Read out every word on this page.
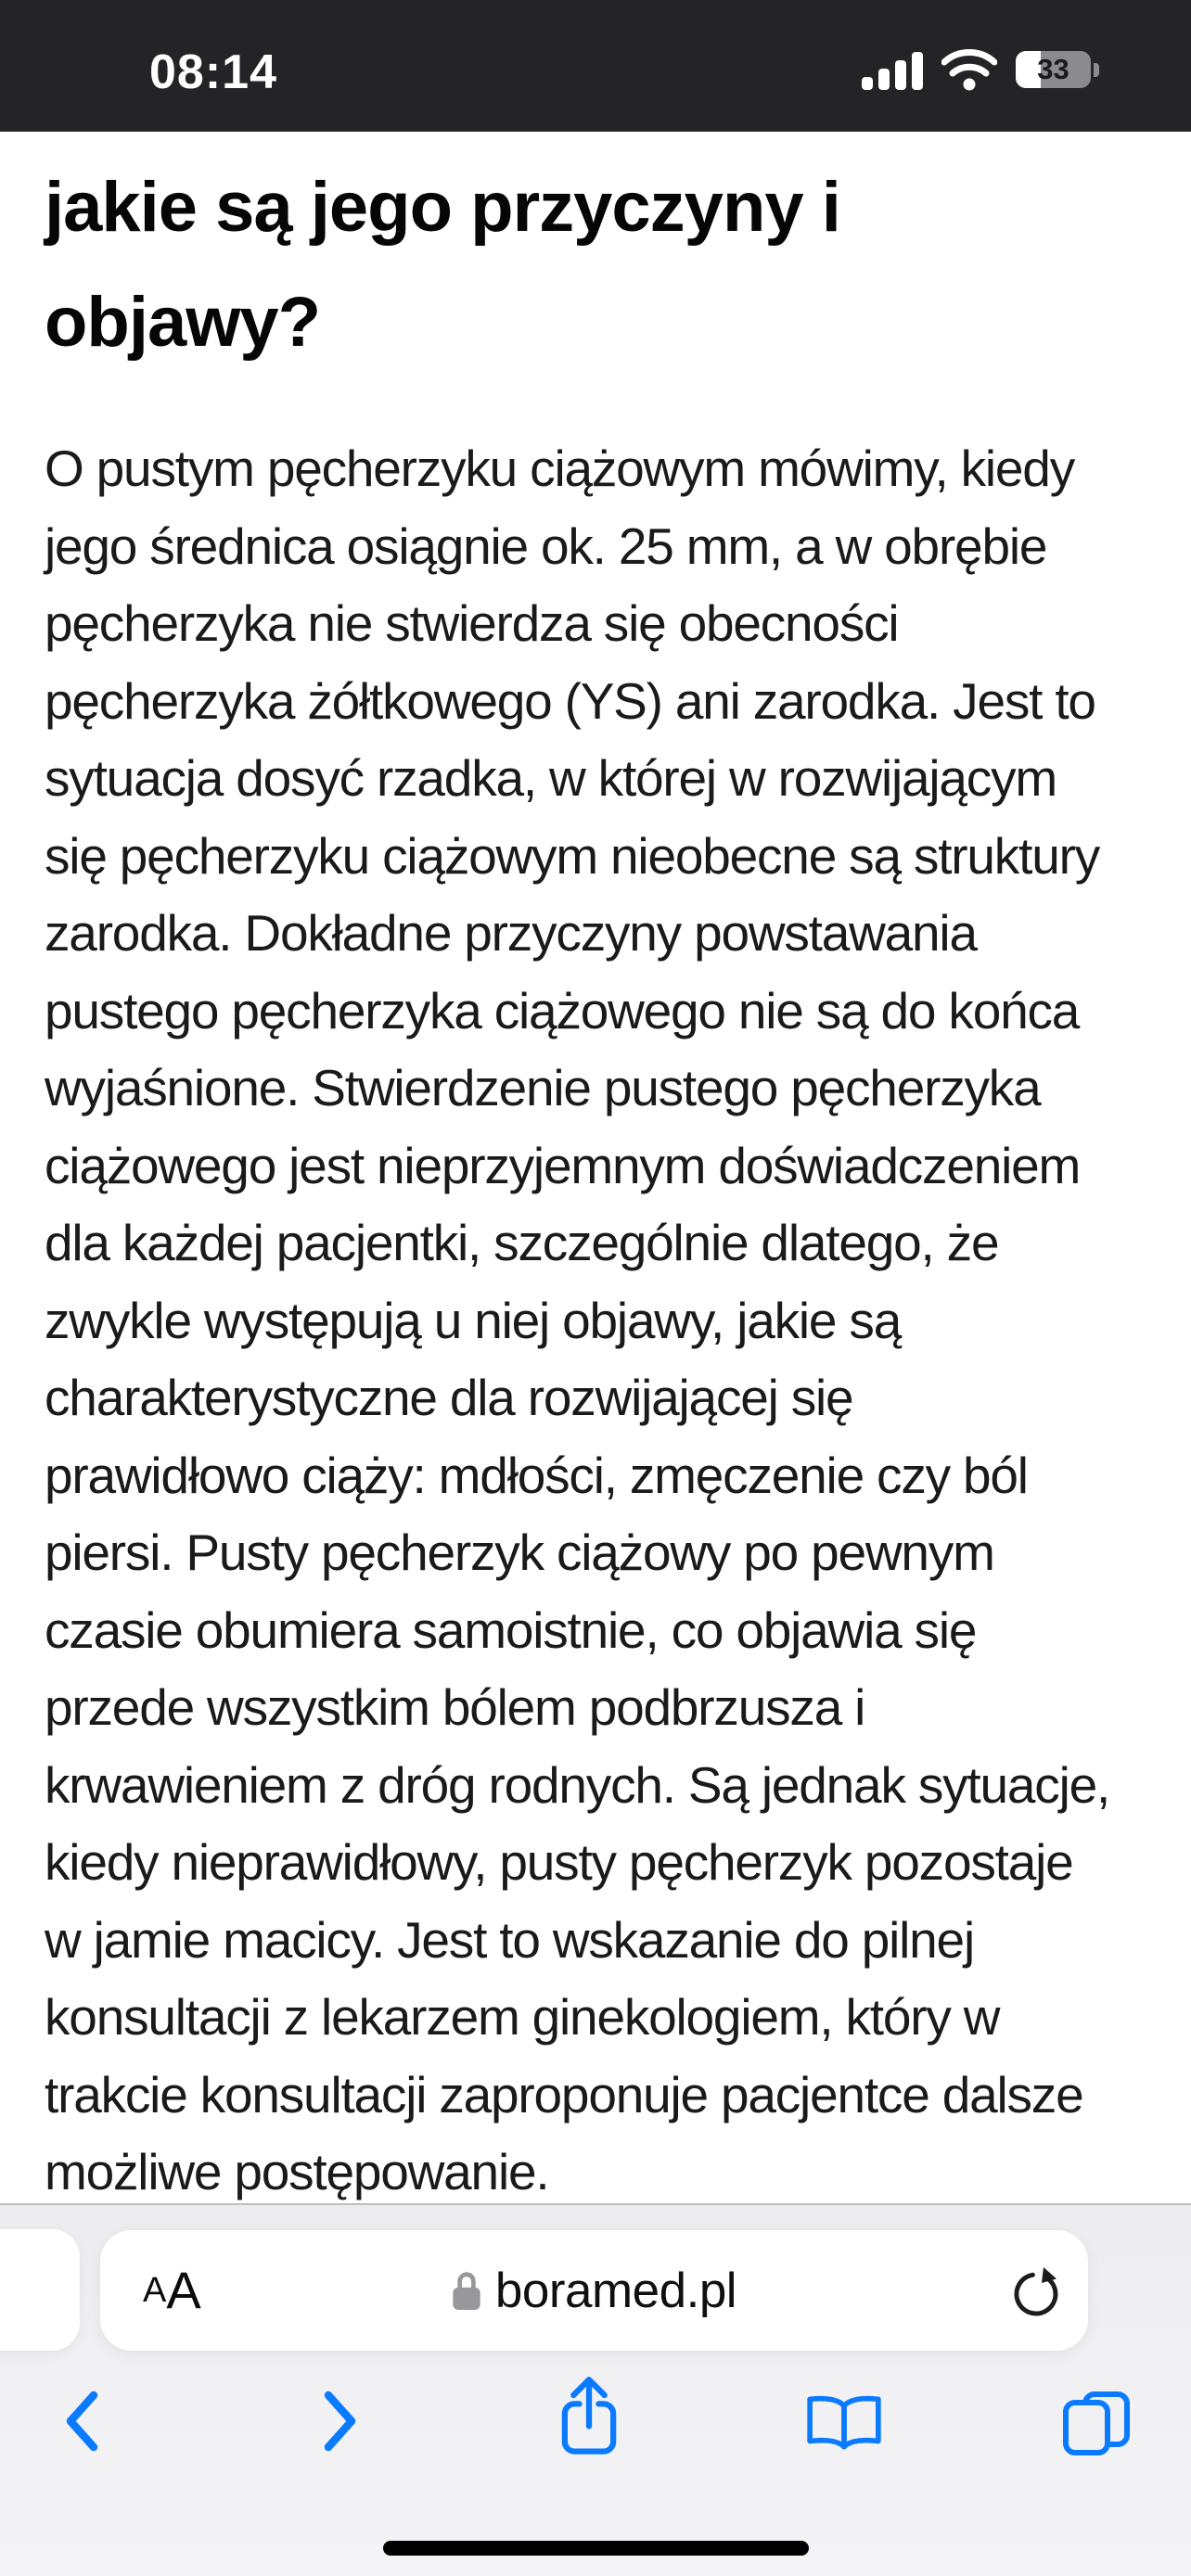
08:14	33
jakie są jego przyczyny i
objawy?
O pustym pęcherzyku ciążowym mówimy, kiedy
jego średnica osiągnie ok. 25 mm, a w obrębie
pęcherzyka nie stwierdza się obecności
pęcherzyka żółtkowego (YS) ani zarodka. Jest to
sytuacja dosyć rzadka, w której w rozwijającym
się pęcherzyku ciążowym nieobecne są struktury
zarodka. Dokładne przyczyny powstawania
pustego pęcherzyka ciążowego nie są do końca
wyjaśnione. Stwierdzenie pustego pęcherzyka
ciążowego jest nieprzyjemnym doświadczeniem
dla każdej pacjentki, szczególnie dlatego, że
zwykle występują u niej objawy, jakie są
charakterystyczne dla rozwijającej się
prawidłowo ciąży: mdłości, zmęczenie czy ból
piersi. Pusty pęcherzyk ciążowy po pewnym
czasie obumiera samoistnie, co objawia się
przede wszystkim bólem podbrzusza i
krwawieniem z dróg rodnych. Są jednak sytuacje,
kiedy nieprawidłowy, pusty pęcherzyk pozostaje
w jamie macicy. Jest to wskazanie do pilnej
konsultacji z lekarzem ginekologiem, który w
trakcie konsultacji zaproponuje pacjentce dalsze
możliwe postępowanie.
A A	boramed.pl
